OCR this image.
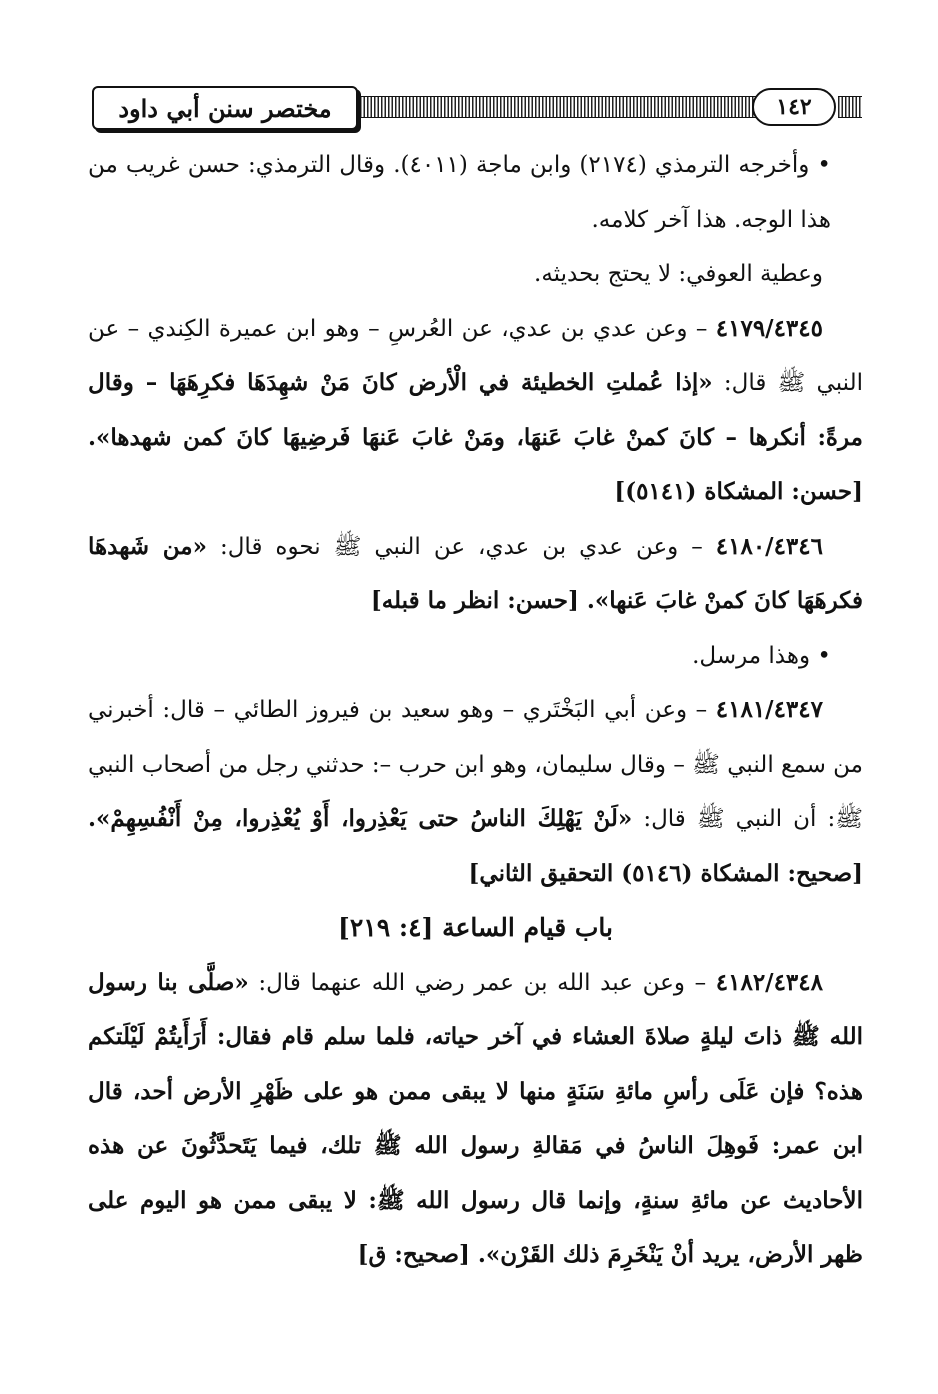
مختصر سنن أبي داود	١٤٢

• وأخرجه الترمذي (٢١٧٤) وابن ماجة (٤٠١١). وقال الترمذي: حسن غريب من هذا الوجه. هذا آخر كلامه.

وعطية العوفي: لا يحتج بحديثه.

٤١٧٩/٤٣٤٥ – وعن عدي بن عدي، عن العُرسِ – وهو ابن عميرة الكِندي – عن النبي ﷺ قال: «إذا عُملتِ الخطيئة في الْأرض كانَ مَنْ شهِدَهَا فكرِهَهَا – وقال مرةً: أنكرها – كانَ كمنْ غابَ عَنهَا، ومَنْ غابَ عَنهَا فَرضِيهَا كانَ كمن شهدها». [حسن: المشكاة (٥١٤١)]

٤١٨٠/٤٣٤٦ – وعن عدي بن عدي، عن النبي ﷺ نحوه قال: «من شَهدهَا فكرهَهَا كانَ كمنْ غابَ عَنها». [حسن: انظر ما قبله]

• وهذا مرسل.

٤١٨١/٤٣٤٧ – وعن أبي البَخْتَري – وهو سعيد بن فيروز الطائي – قال: أخبرني من سمع النبي ﷺ – وقال سليمان، وهو ابن حرب –: حدثني رجل من أصحاب النبي ﷺ: أن النبي ﷺ قال: «لَنْ يَهْلِكَ الناسُ حتى يَعْذِروا، أَوْ يُعْذِروا، مِنْ أَنْفُسِهِمْ». [صحيح: المشكاة (٥١٤٦) التحقيق الثاني]

باب قيام الساعة [٤: ٢١٩]

٤١٨٢/٤٣٤٨ – وعن عبد الله بن عمر رضي الله عنهما قال: «صلَّى بنا رسول الله ﷺ ذاتَ ليلةٍ صلاةَ العشاء في آخر حياته، فلما سلم قام فقال: أَرَأَيتُمْ لَيْلَتكم هذه؟ فإن عَلَى رأسِ مائةِ سَنَةٍ منها لا يبقى ممن هو على ظَهْرِ الأرض أحد، قال ابن عمر: فَوهِلَ الناسُ في مَقالةِ رسول الله ﷺ تلك، فيما يَتَحدَّثُونَ عن هذه الأحاديث عن مائةِ سنةٍ، وإنما قال رسول الله ﷺ: لا يبقى ممن هو اليوم على ظهر الأرض، يريد أنْ يَنْخَرِمَ ذلك القَرْن». [صحيح: ق]
